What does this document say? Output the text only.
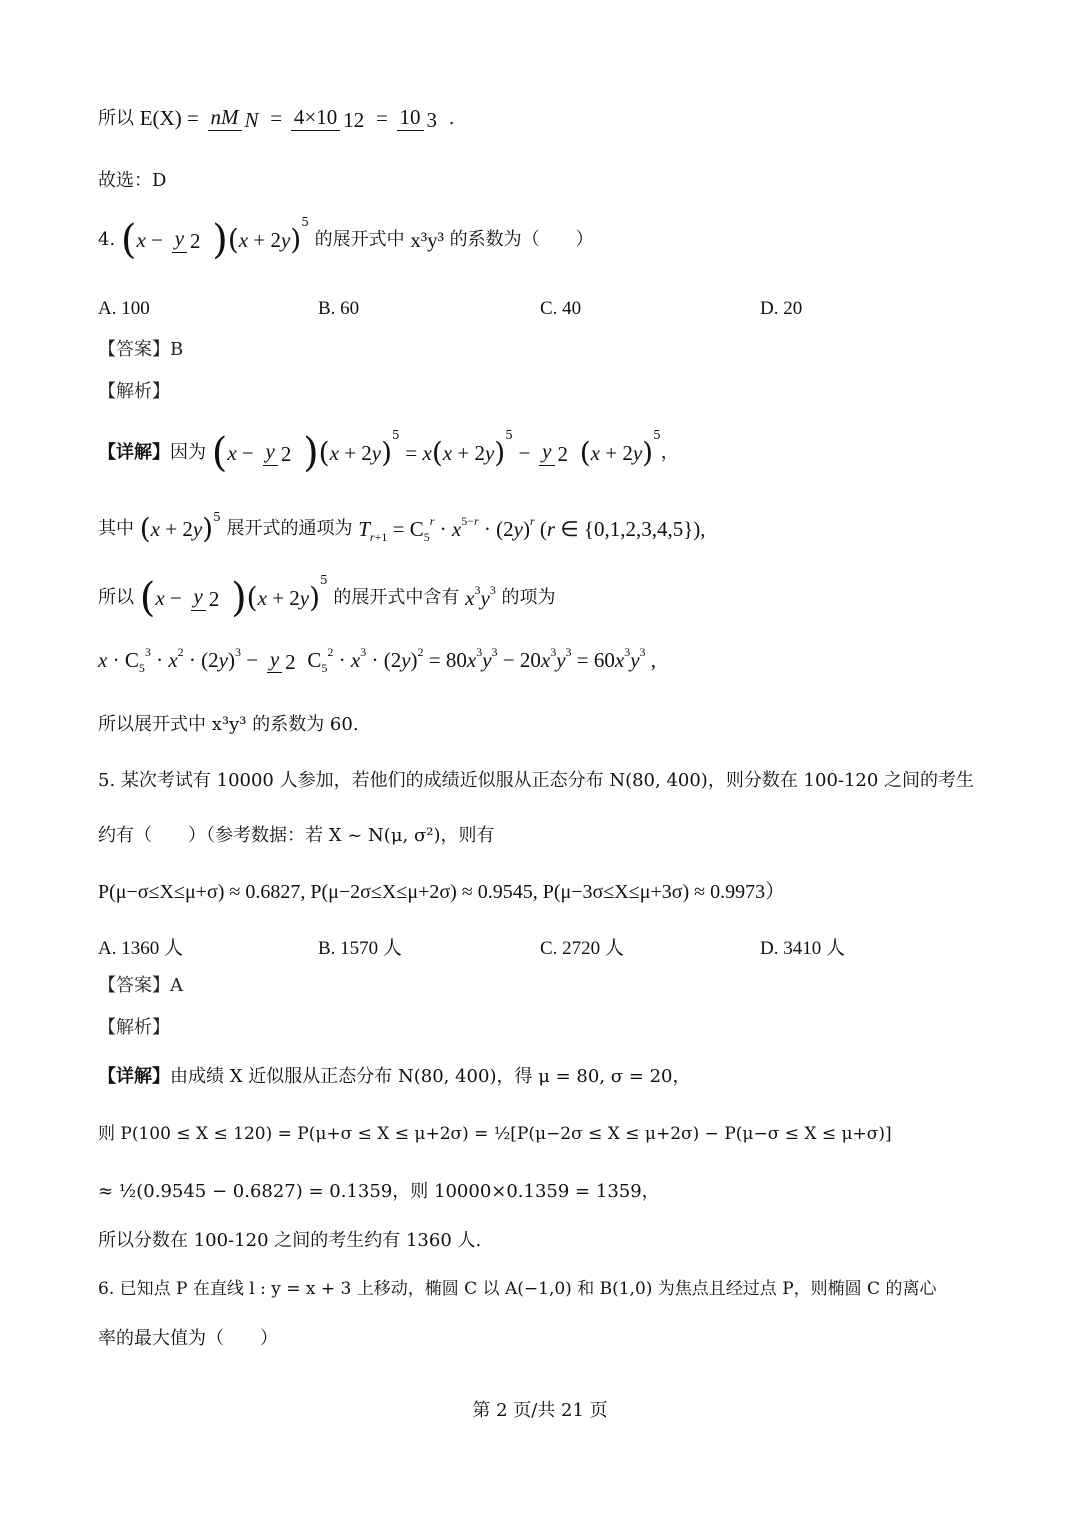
所以 E(X) = nM N = 4×10 12 = 10 3 .
故选：D
4. (x − y 2 )$(x + 2y)^5$ 的展开式中 x³y³ 的系数为（　　）
A. 100	B. 60	C. 40	D. 20
【答案】B
【解析】
【详解】因为 (x − y 2 )$(x + 2y)^5 = x(x + 2y)^5 - y$ 2 $(x + 2y)^5$，
其中 $(x + 2y)^5$ 展开式的通项为 $T_{r+1} = C_5^r \cdot x^{5-r} \cdot (2y)^r$ (r ∈ {0,1,2,3,4,5}),
所以 (x − y 2 )$(x + 2y)^5$ 的展开式中含有 $x^3y^3$ 的项为
$x \cdot C_5^3 \cdot x^2 \cdot (2y)^3 - y$ 2 $C_5^2 \cdot x^3 \cdot (2y)^2 = 80x^3y^3 - 20x^3y^3 = 60x^3y^3$ ,
所以展开式中 x³y³ 的系数为 60.
5. 某次考试有 10000 人参加，若他们的成绩近似服从正态分布 N(80, 400)，则分数在 100-120 之间的考生
约有（　　）（参考数据：若 X ~ N(μ, σ²)，则有
P(μ−σ≤X≤μ+σ) ≈ 0.6827, P(μ−2σ≤X≤μ+2σ) ≈ 0.9545, P(μ−3σ≤X≤μ+3σ) ≈ 0.9973）
A. 1360 人	B. 1570 人	C. 2720 人	D. 3410 人
【答案】A
【解析】
【详解】由成绩 X 近似服从正态分布 N(80, 400)，得 μ = 80, σ = 20，
则 P(100 ≤ X ≤ 120) = P(μ+σ ≤ X ≤ μ+2σ) = ½[P(μ−2σ ≤ X ≤ μ+2σ) − P(μ−σ ≤ X ≤ μ+σ)]
≈ ½(0.9545 − 0.6827) = 0.1359，则 10000×0.1359 = 1359，
所以分数在 100-120 之间的考生约有 1360 人.
6. 已知点 P 在直线 l : y = x + 3 上移动，椭圆 C 以 A(−1,0) 和 B(1,0) 为焦点且经过点 P，则椭圆 C 的离心
率的最大值为（　　）
第 2 页/共 21 页
